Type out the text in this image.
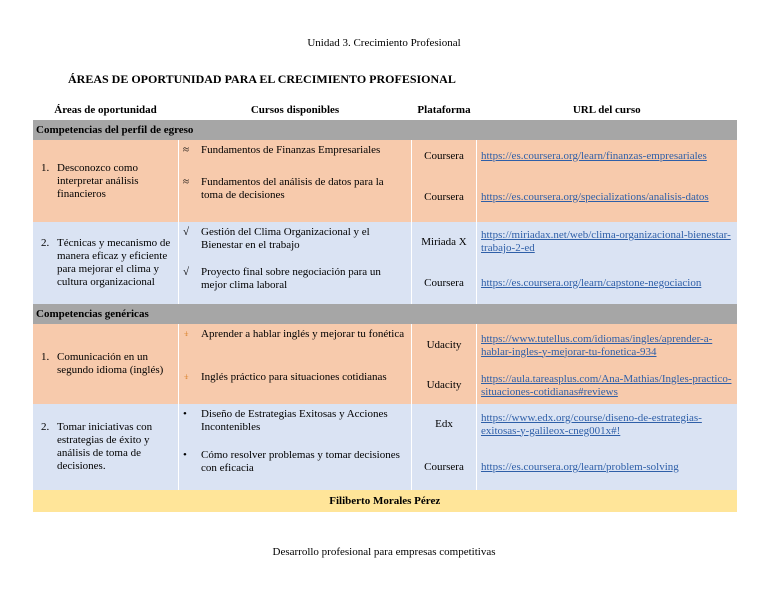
Unidad 3. Crecimiento Profesional
ÁREAS DE OPORTUNIDAD PARA EL CRECIMIENTO PROFESIONAL
Áreas de oportunidad	Cursos disponibles	Plataforma	URL del curso
Competencias del perfil de egreso			
1. Desconozco como interpretar análisis financieros	≈ Fundamentos de Finanzas Empresariales	Coursera	https://es.coursera.org/learn/finanzas-empresariales

	≈ Fundamentos del análisis de datos para la toma de decisiones	Coursera	https://es.coursera.org/specializations/analisis-datos
2. Técnicas y mecanismo de manera eficaz y eficiente para mejorar el clima y cultura organizacional	√ Gestión del Clima Organizacional y el Bienestar en el trabajo	Miriada X	https://miriadax.net/web/clima-organizacional-bienestar-trabajo-2-ed

	√ Proyecto final sobre negociación para un mejor clima laboral	Coursera	https://es.coursera.org/learn/capstone-negociacion
Competencias genéricas			
1. Comunicación en un segundo idioma (inglés)	⍖ Aprender a hablar inglés y mejorar tu fonética	Udacity	https://www.tutellus.com/idiomas/ingles/aprender-a-hablar-ingles-y-mejorar-tu-fonetica-934

	⍖ Inglés práctico para situaciones cotidianas	Udacity	https://aula.tareasplus.com/Ana-Mathias/Ingles-practico-situaciones-cotidianas#reviews
2. Tomar iniciativas con estrategias de éxito y análisis de toma de decisiones.	• Diseño de Estrategias Exitosas y Acciones Incontenibles	Edx	https://www.edx.org/course/diseno-de-estrategias-exitosas-y-galileox-cneg001x#!

	• Cómo resolver problemas y tomar decisiones con eficacia	Coursera	https://es.coursera.org/learn/problem-solving
Filiberto Morales Pérez			
Desarrollo profesional para empresas competitivas
